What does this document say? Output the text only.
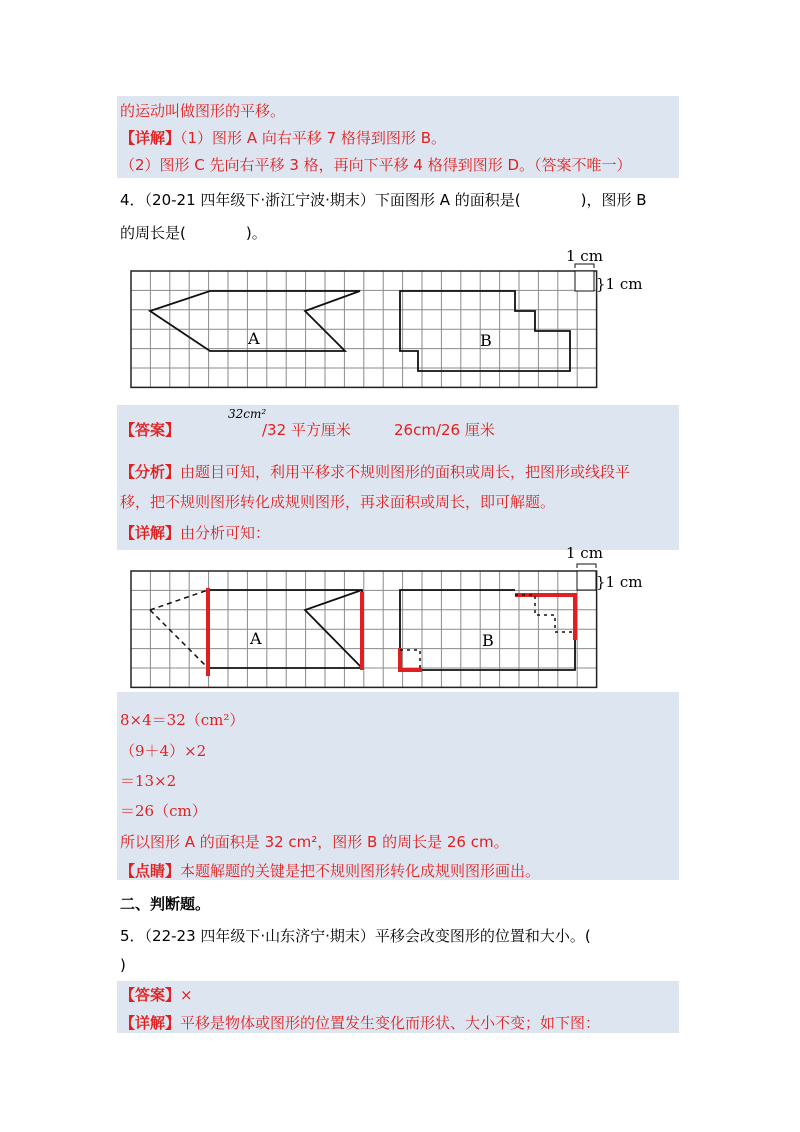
的运动叫做图形的平移。
【详解】（1）图形 A 向右平移 7 格得到图形 B。
（2）图形 C 先向右平移 3 格，再向下平移 4 格得到图形 D。（答案不唯一）
4．（20-21 四年级下·浙江宁波·期末）下面图形 A 的面积是(　　　　)，图形 B
的周长是(　　　　)。
A	B
1 cm
}1 cm
【答案】
32cm²
/32 平方厘米	26cm/26 厘米
【分析】由题目可知，利用平移求不规则图形的面积或周长，把图形或线段平
移，把不规则图形转化成规则图形，再求面积或周长，即可解题。
【详解】由分析可知：
A	B
1 cm
}1 cm
8×4＝32（cm²）
（9＋4）×2
＝13×2
＝26（cm）
所以图形 A 的面积是 32 cm²，图形 B 的周长是 26 cm。
【点睛】本题解题的关键是把不规则图形转化成规则图形画出。
二、判断题。
5．（22-23 四年级下·山东济宁·期末）平移会改变图形的位置和大小。(
)
【答案】×
【详解】平移是物体或图形的位置发生变化而形状、大小不变；如下图：
